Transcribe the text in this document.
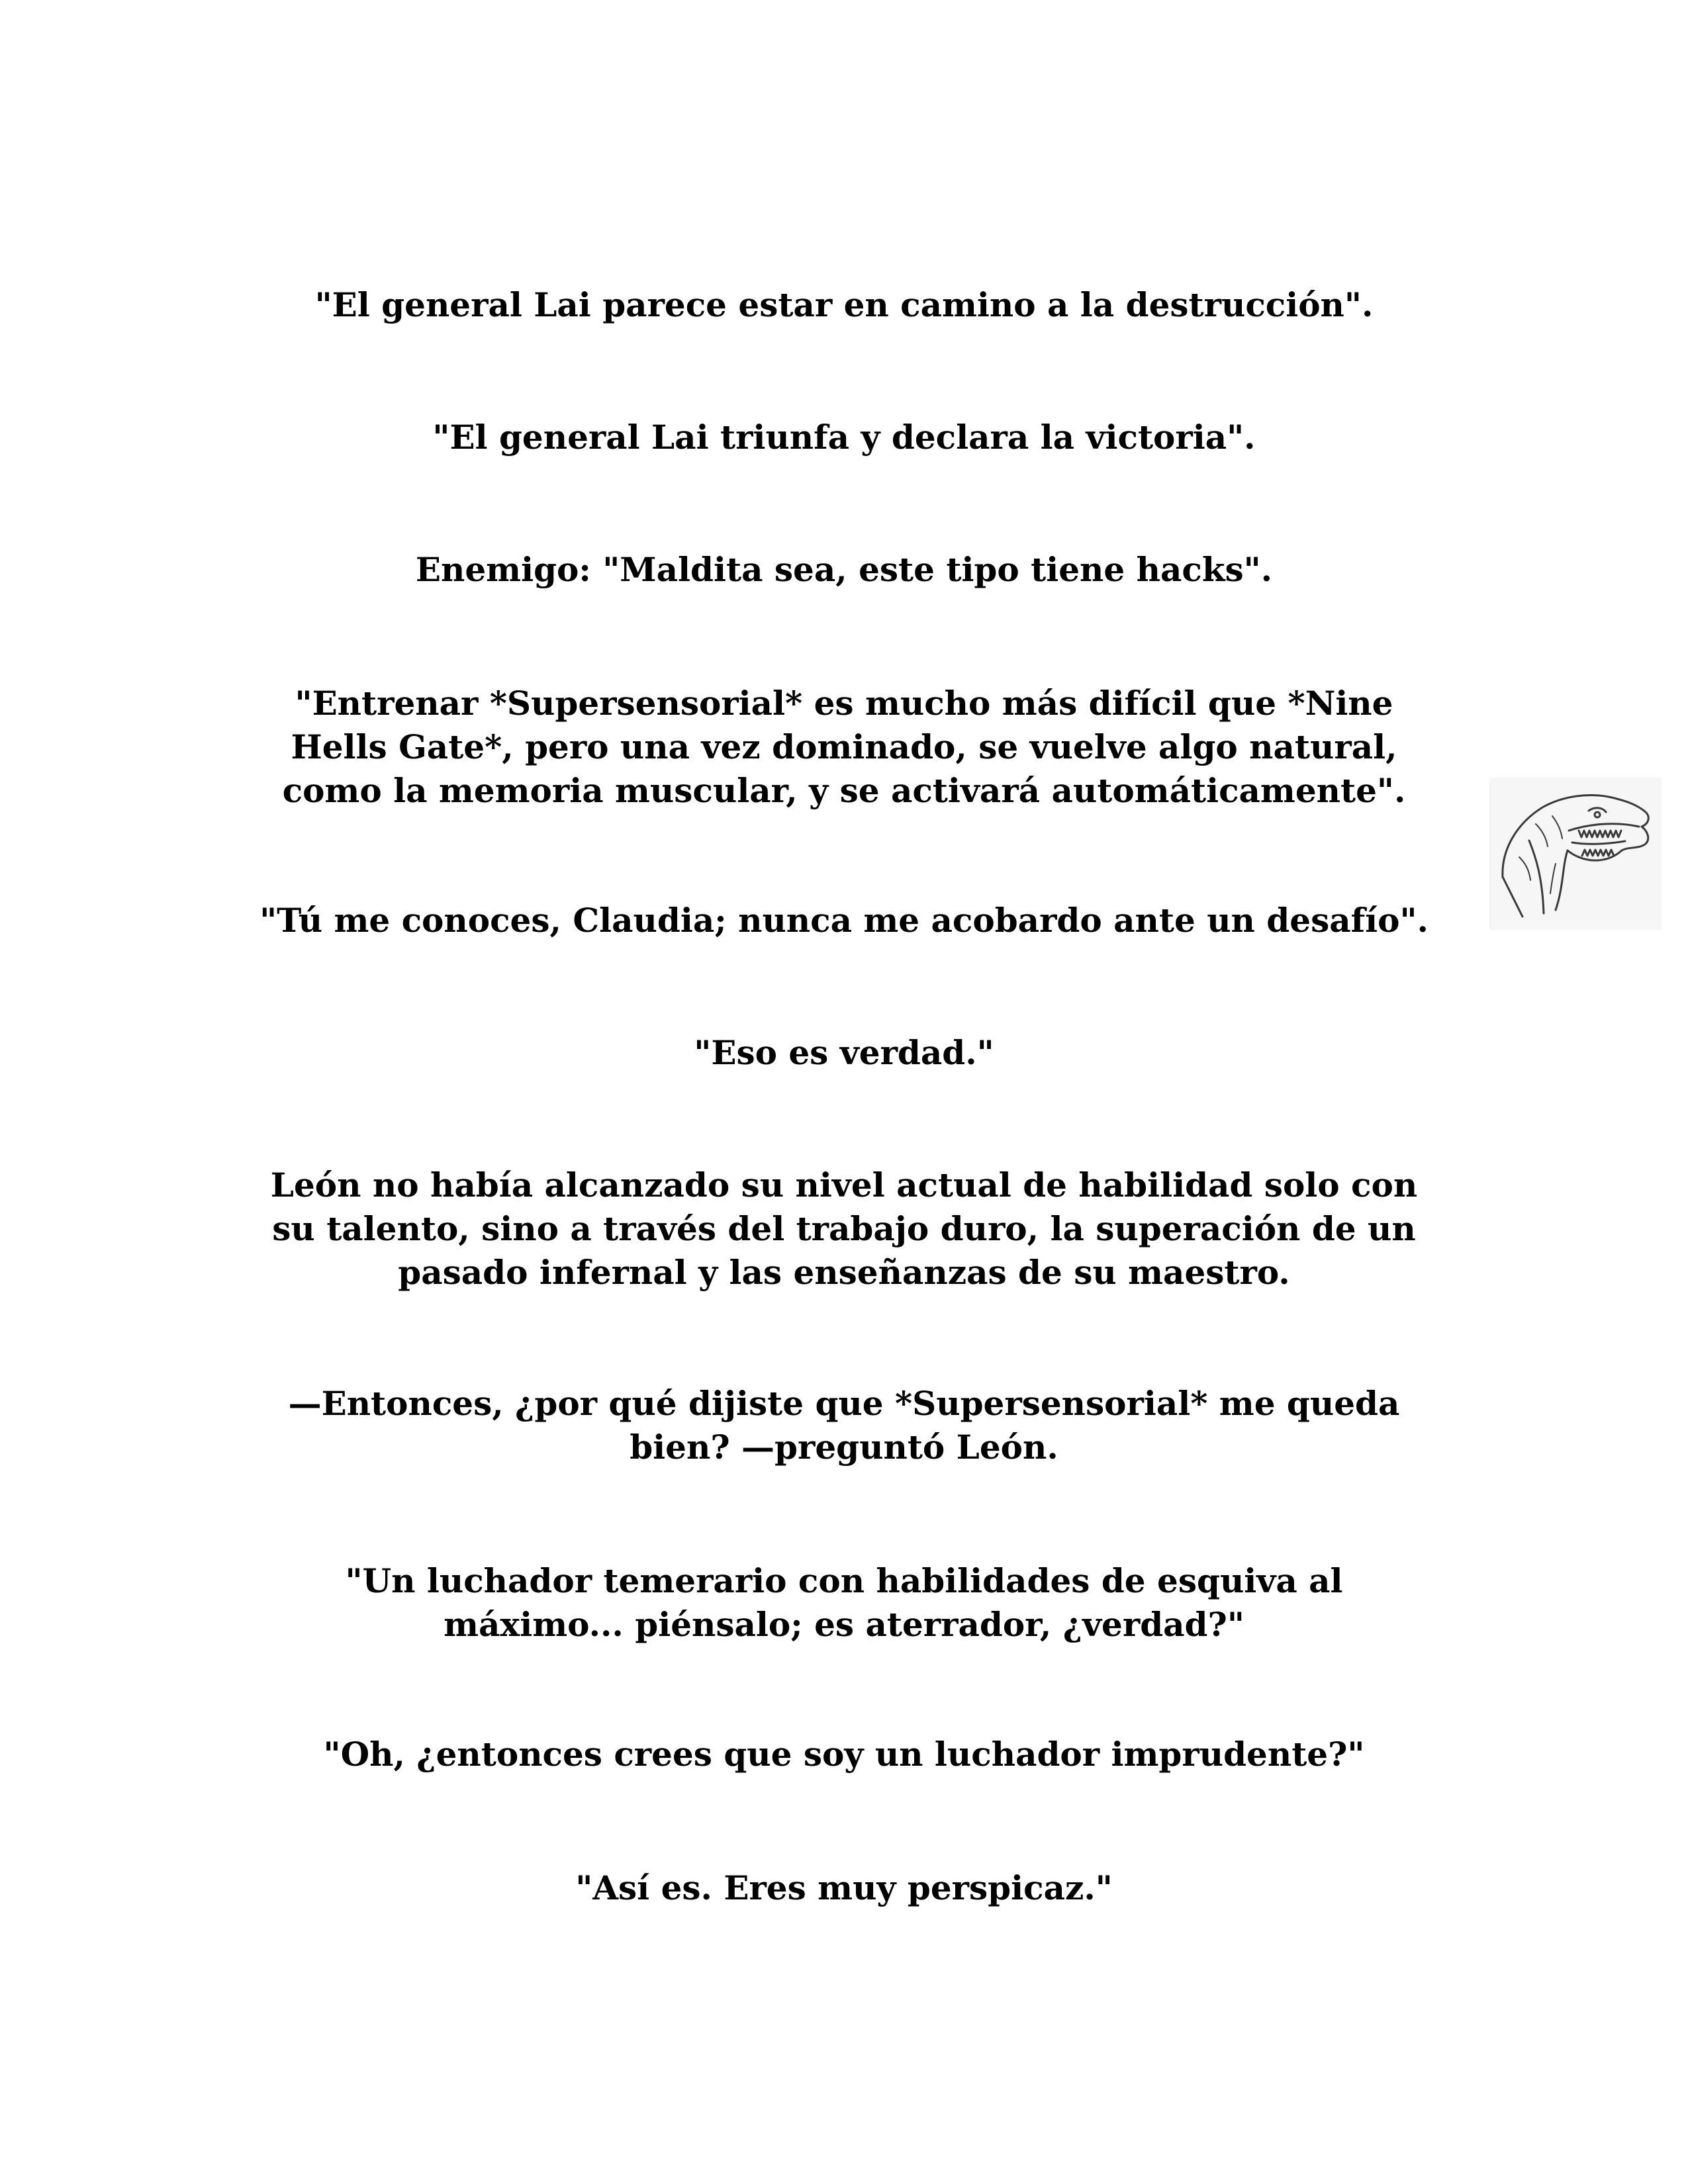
"El general Lai parece estar en camino a la destrucción".
"El general Lai triunfa y declara la victoria".
Enemigo: "Maldita sea, este tipo tiene hacks".
"Entrenar *Supersensorial* es mucho más difícil que *Nine
Hells Gate*, pero una vez dominado, se vuelve algo natural,
como la memoria muscular, y se activará automáticamente".
"Tú me conoces, Claudia; nunca me acobardo ante un desafío".
"Eso es verdad."
León no había alcanzado su nivel actual de habilidad solo con
su talento, sino a través del trabajo duro, la superación de un
pasado infernal y las enseñanzas de su maestro.
—Entonces, ¿por qué dijiste que *Supersensorial* me queda
bien? —preguntó León.
"Un luchador temerario con habilidades de esquiva al
máximo... piénsalo; es aterrador, ¿verdad?"
"Oh, ¿entonces crees que soy un luchador imprudente?"
"Así es. Eres muy perspicaz."
